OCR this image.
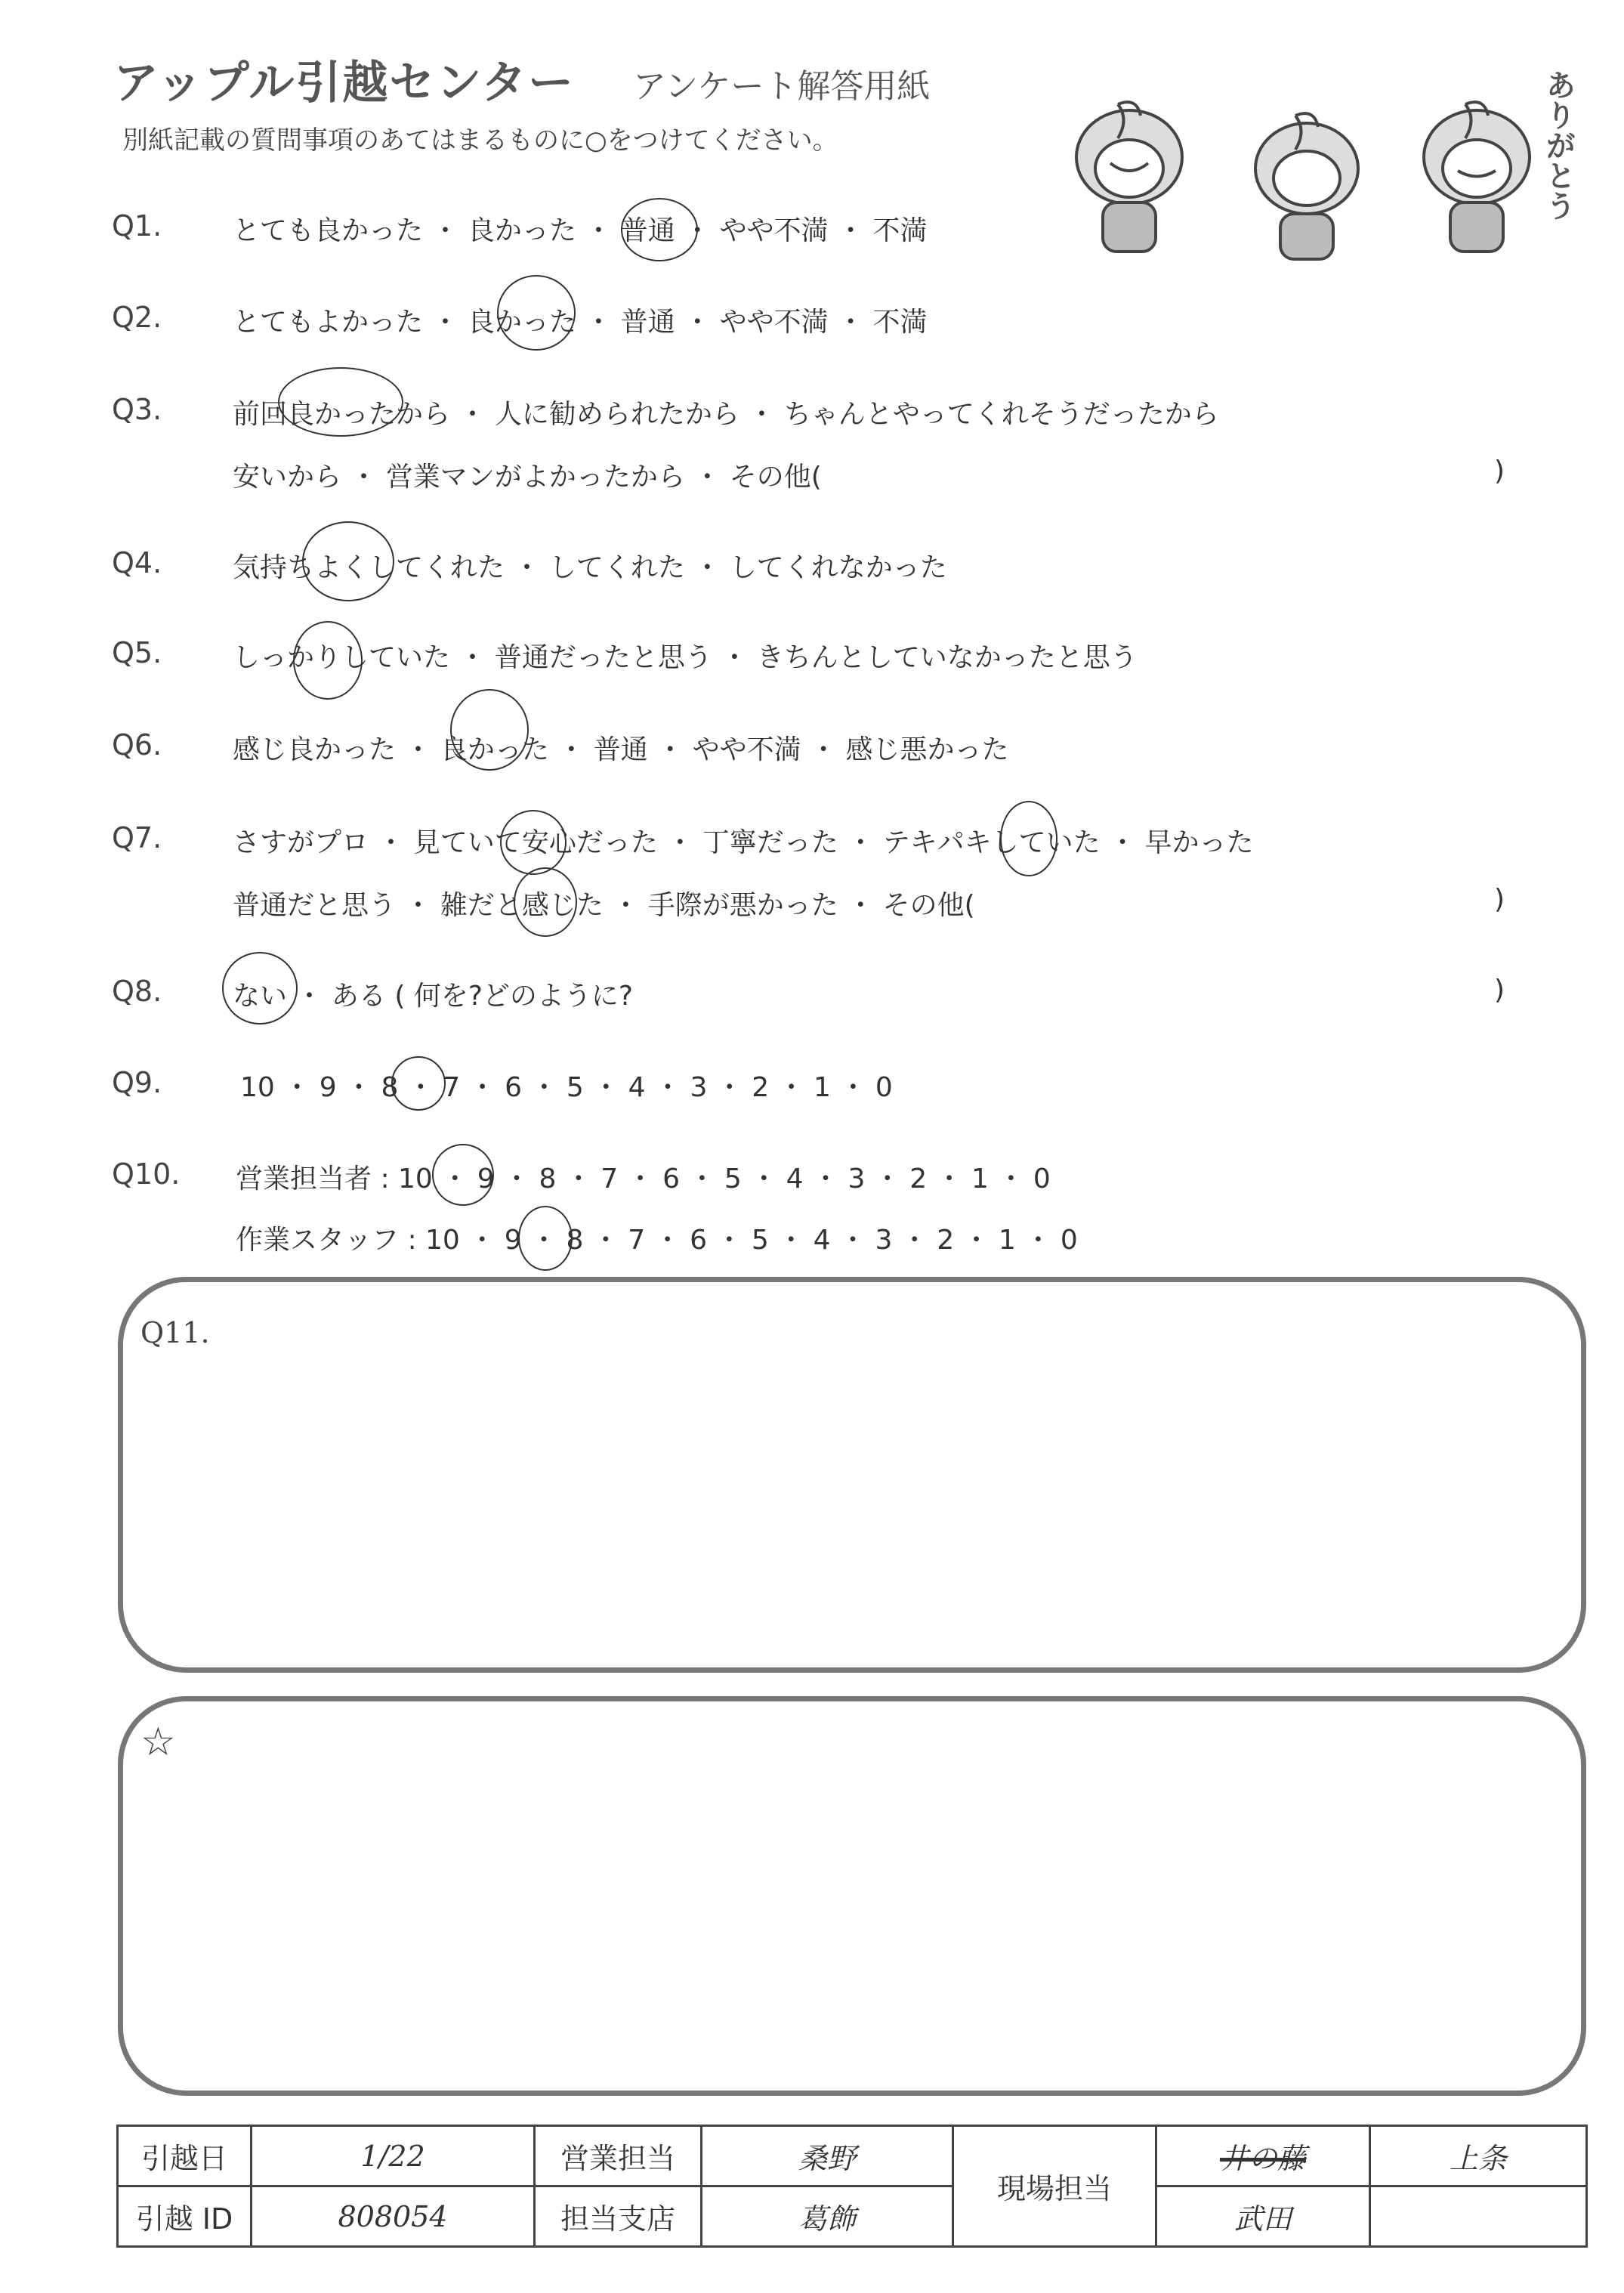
アップル引越センター アンケート解答用紙
別紙記載の質問事項のあてはまるものに○をつけてください。	ありがとう
Q1.	とても良かった ・ 良かった ・ 普通 ・ やや不満 ・ 不満
Q2.	とてもよかった ・ 良かった ・ 普通 ・ やや不満 ・ 不満
Q3.	前回良かったから ・ 人に勧められたから ・ ちゃんとやってくれそうだったから
安いから ・ 営業マンがよかったから ・ その他(	)
Q4.	気持ちよくしてくれた ・ してくれた ・ してくれなかった
Q5.	しっかりしていた ・ 普通だったと思う ・ きちんとしていなかったと思う
Q6.	感じ良かった ・ 良かった ・ 普通 ・ やや不満 ・ 感じ悪かった
Q7.	さすがプロ ・ 見ていて安心だった ・ 丁寧だった ・ テキパキしていた ・ 早かった
普通だと思う ・ 雑だと感じた ・ 手際が悪かった ・ その他(	)
Q8.	ない ・ ある ( 何を?どのように?	)
Q9.	10 ・ 9 ・ 8 ・ 7 ・ 6 ・ 5 ・ 4 ・ 3 ・ 2 ・ 1 ・ 0
Q10. 営業担当者 : 10 ・ 9 ・ 8 ・ 7 ・ 6 ・ 5 ・ 4 ・ 3 ・ 2 ・ 1 ・ 0
作業スタッフ : 10 ・ 9 ・ 8 ・ 7 ・ 6 ・ 5 ・ 4 ・ 3 ・ 2 ・ 1 ・ 0
Q11.
☆
引越日	1/22	営業担当	桑野	現場担当	井の藤	上条
引越 ID	808054	担当支店	葛飾		武田	
